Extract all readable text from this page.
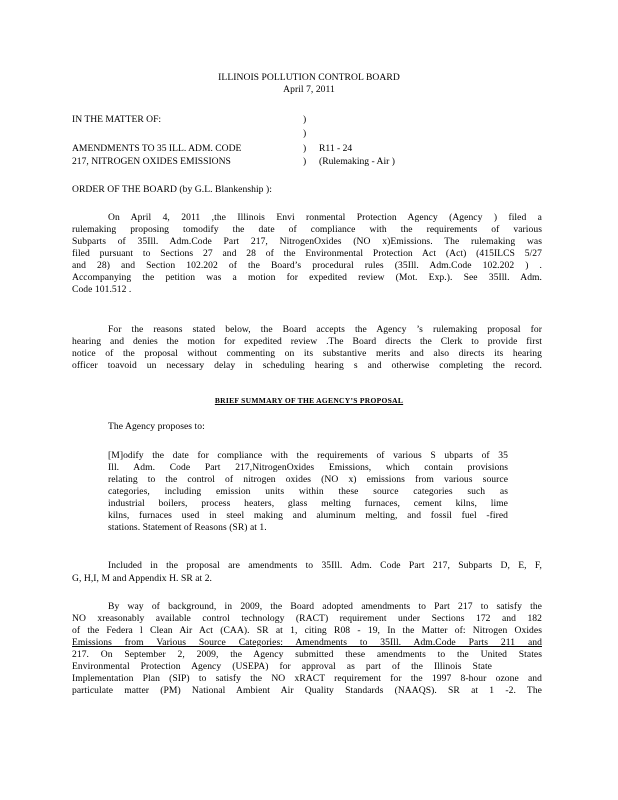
ILLINOIS POLLUTION CONTROL BOARD
April 7, 2011
IN THE MATTER OF:	)
)
AMENDMENTS TO 35 ILL. ADM. CODE	) R11 - 24
217, NITROGEN OXIDES EMISSIONS	) (Rulemaking - Air )
ORDER OF THE BOARD (by G.L. Blankenship ):
On April 4, 2011 ,the Illinois Envi ronmental Protection Agency (Agency ) filed a
rulemaking proposing tomodify the date of compliance with the requirements of various
Subparts of 35Ill. Adm.Code Part 217, NitrogenOxides (NO x)Emissions. The rulemaking was
filed pursuant to Sections 27 and 28 of the Environmental Protection Act (Act) (415ILCS 5/27
and 28) and Section 102.202 of the Board’s procedural rules (35Ill. Adm.Code 102.202 ) .
Accompanying the petition was a motion for expedited review (Mot. Exp.). See 35Ill. Adm.
Code 101.512 .
For the reasons stated below, the Board accepts the Agency ’s rulemaking proposal for
hearing and denies the motion for expedited review .The Board directs the Clerk to provide first
notice of the proposal without commenting on its substantive merits and also directs its hearing
officer toavoid un necessary delay in scheduling hearing s and otherwise completing the record.
BRIEF SUMMARY OF THE AGENCY’S PROPOSAL
The Agency proposes to:
[M]odify the date for compliance with the requirements of various S ubparts of 35
Ill. Adm. Code Part 217,NitrogenOxides Emissions, which contain provisions
relating to the control of nitrogen oxides (NO x) emissions from various source
categories, including emission units within these source categories such as
industrial boilers, process heaters, glass melting furnaces, cement kilns, lime
kilns, furnaces used in steel making and aluminum melting, and fossil fuel -fired
stations. Statement of Reasons (SR) at 1.
Included in the proposal are amendments to 35Ill. Adm. Code Part 217, Subparts D, E, F,
G, H,I, M and Appendix H. SR at 2.
By way of background, in 2009, the Board adopted amendments to Part 217 to satisfy the
NO xreasonably available control technology (RACT) requirement under Sections 172 and 182
of the Federa l Clean Air Act (CAA). SR at 1, citing R08 - 19, In the Matter of: Nitrogen Oxides
Emissions from Various Source Categories: Amendments to 35Ill. Adm.Code Parts 211 and
217. On September 2, 2009, the Agency submitted these amendments to the United States
Environmental Protection Agency (USEPA) for approval as part of the Illinois State
Implementation Plan (SIP) to satisfy the NO xRACT requirement for the 1997 8-hour ozone and
particulate matter (PM) National Ambient Air Quality Standards (NAAQS). SR at 1 -2. The
